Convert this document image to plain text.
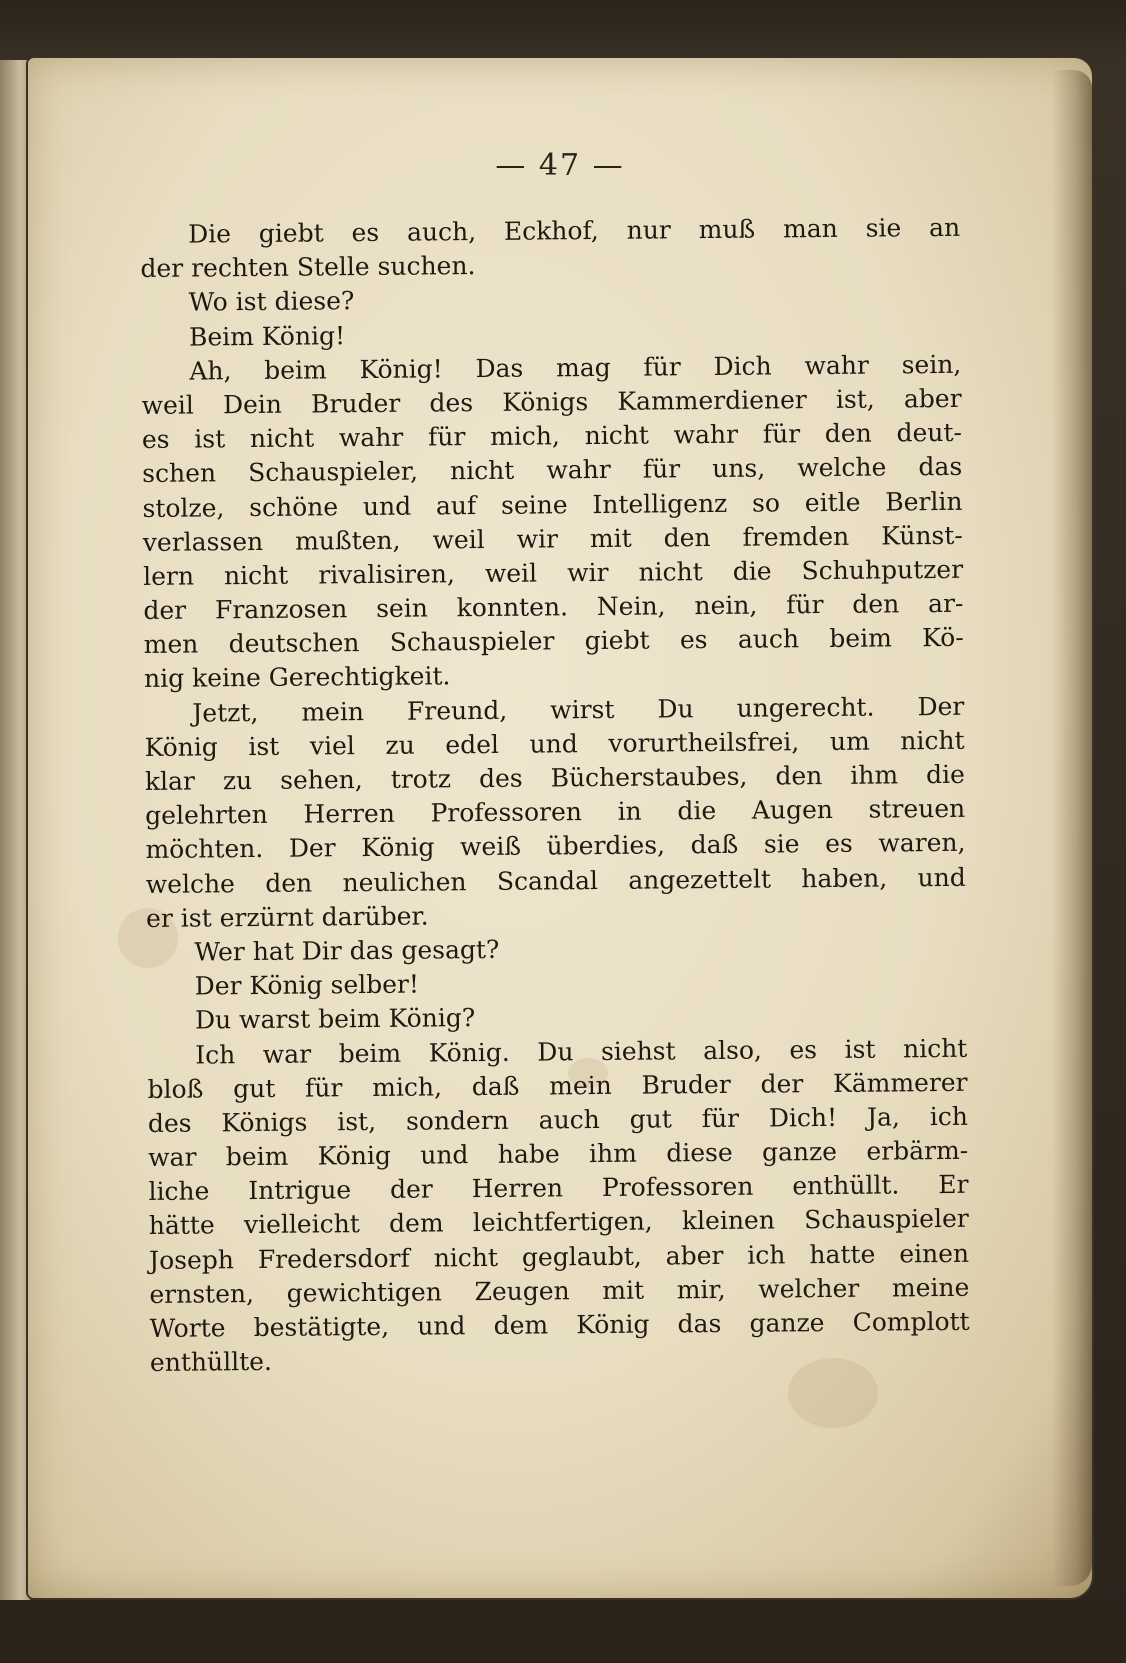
— 47 —
Die giebt es auch, Eckhof, nur muß man sie an
der rechten Stelle suchen.
Wo ist diese?
Beim König!
Ah, beim König! Das mag für Dich wahr sein,
weil Dein Bruder des Königs Kammerdiener ist, aber
es ist nicht wahr für mich, nicht wahr für den deut-
schen Schauspieler, nicht wahr für uns, welche das
stolze, schöne und auf seine Intelligenz so eitle Berlin
verlassen mußten, weil wir mit den fremden Künst-
lern nicht rivalisiren, weil wir nicht die Schuhputzer
der Franzosen sein konnten. Nein, nein, für den ar-
men deutschen Schauspieler giebt es auch beim Kö-
nig keine Gerechtigkeit.
Jetzt, mein Freund, wirst Du ungerecht. Der
König ist viel zu edel und vorurtheilsfrei, um nicht
klar zu sehen, trotz des Bücherstaubes, den ihm die
gelehrten Herren Professoren in die Augen streuen
möchten. Der König weiß überdies, daß sie es waren,
welche den neulichen Scandal angezettelt haben, und
er ist erzürnt darüber.
Wer hat Dir das gesagt?
Der König selber!
Du warst beim König?
Ich war beim König. Du siehst also, es ist nicht
bloß gut für mich, daß mein Bruder der Kämmerer
des Königs ist, sondern auch gut für Dich! Ja, ich
war beim König und habe ihm diese ganze erbärm-
liche Intrigue der Herren Professoren enthüllt. Er
hätte vielleicht dem leichtfertigen, kleinen Schauspieler
Joseph Fredersdorf nicht geglaubt, aber ich hatte einen
ernsten, gewichtigen Zeugen mit mir, welcher meine
Worte bestätigte, und dem König das ganze Complott
enthüllte.
